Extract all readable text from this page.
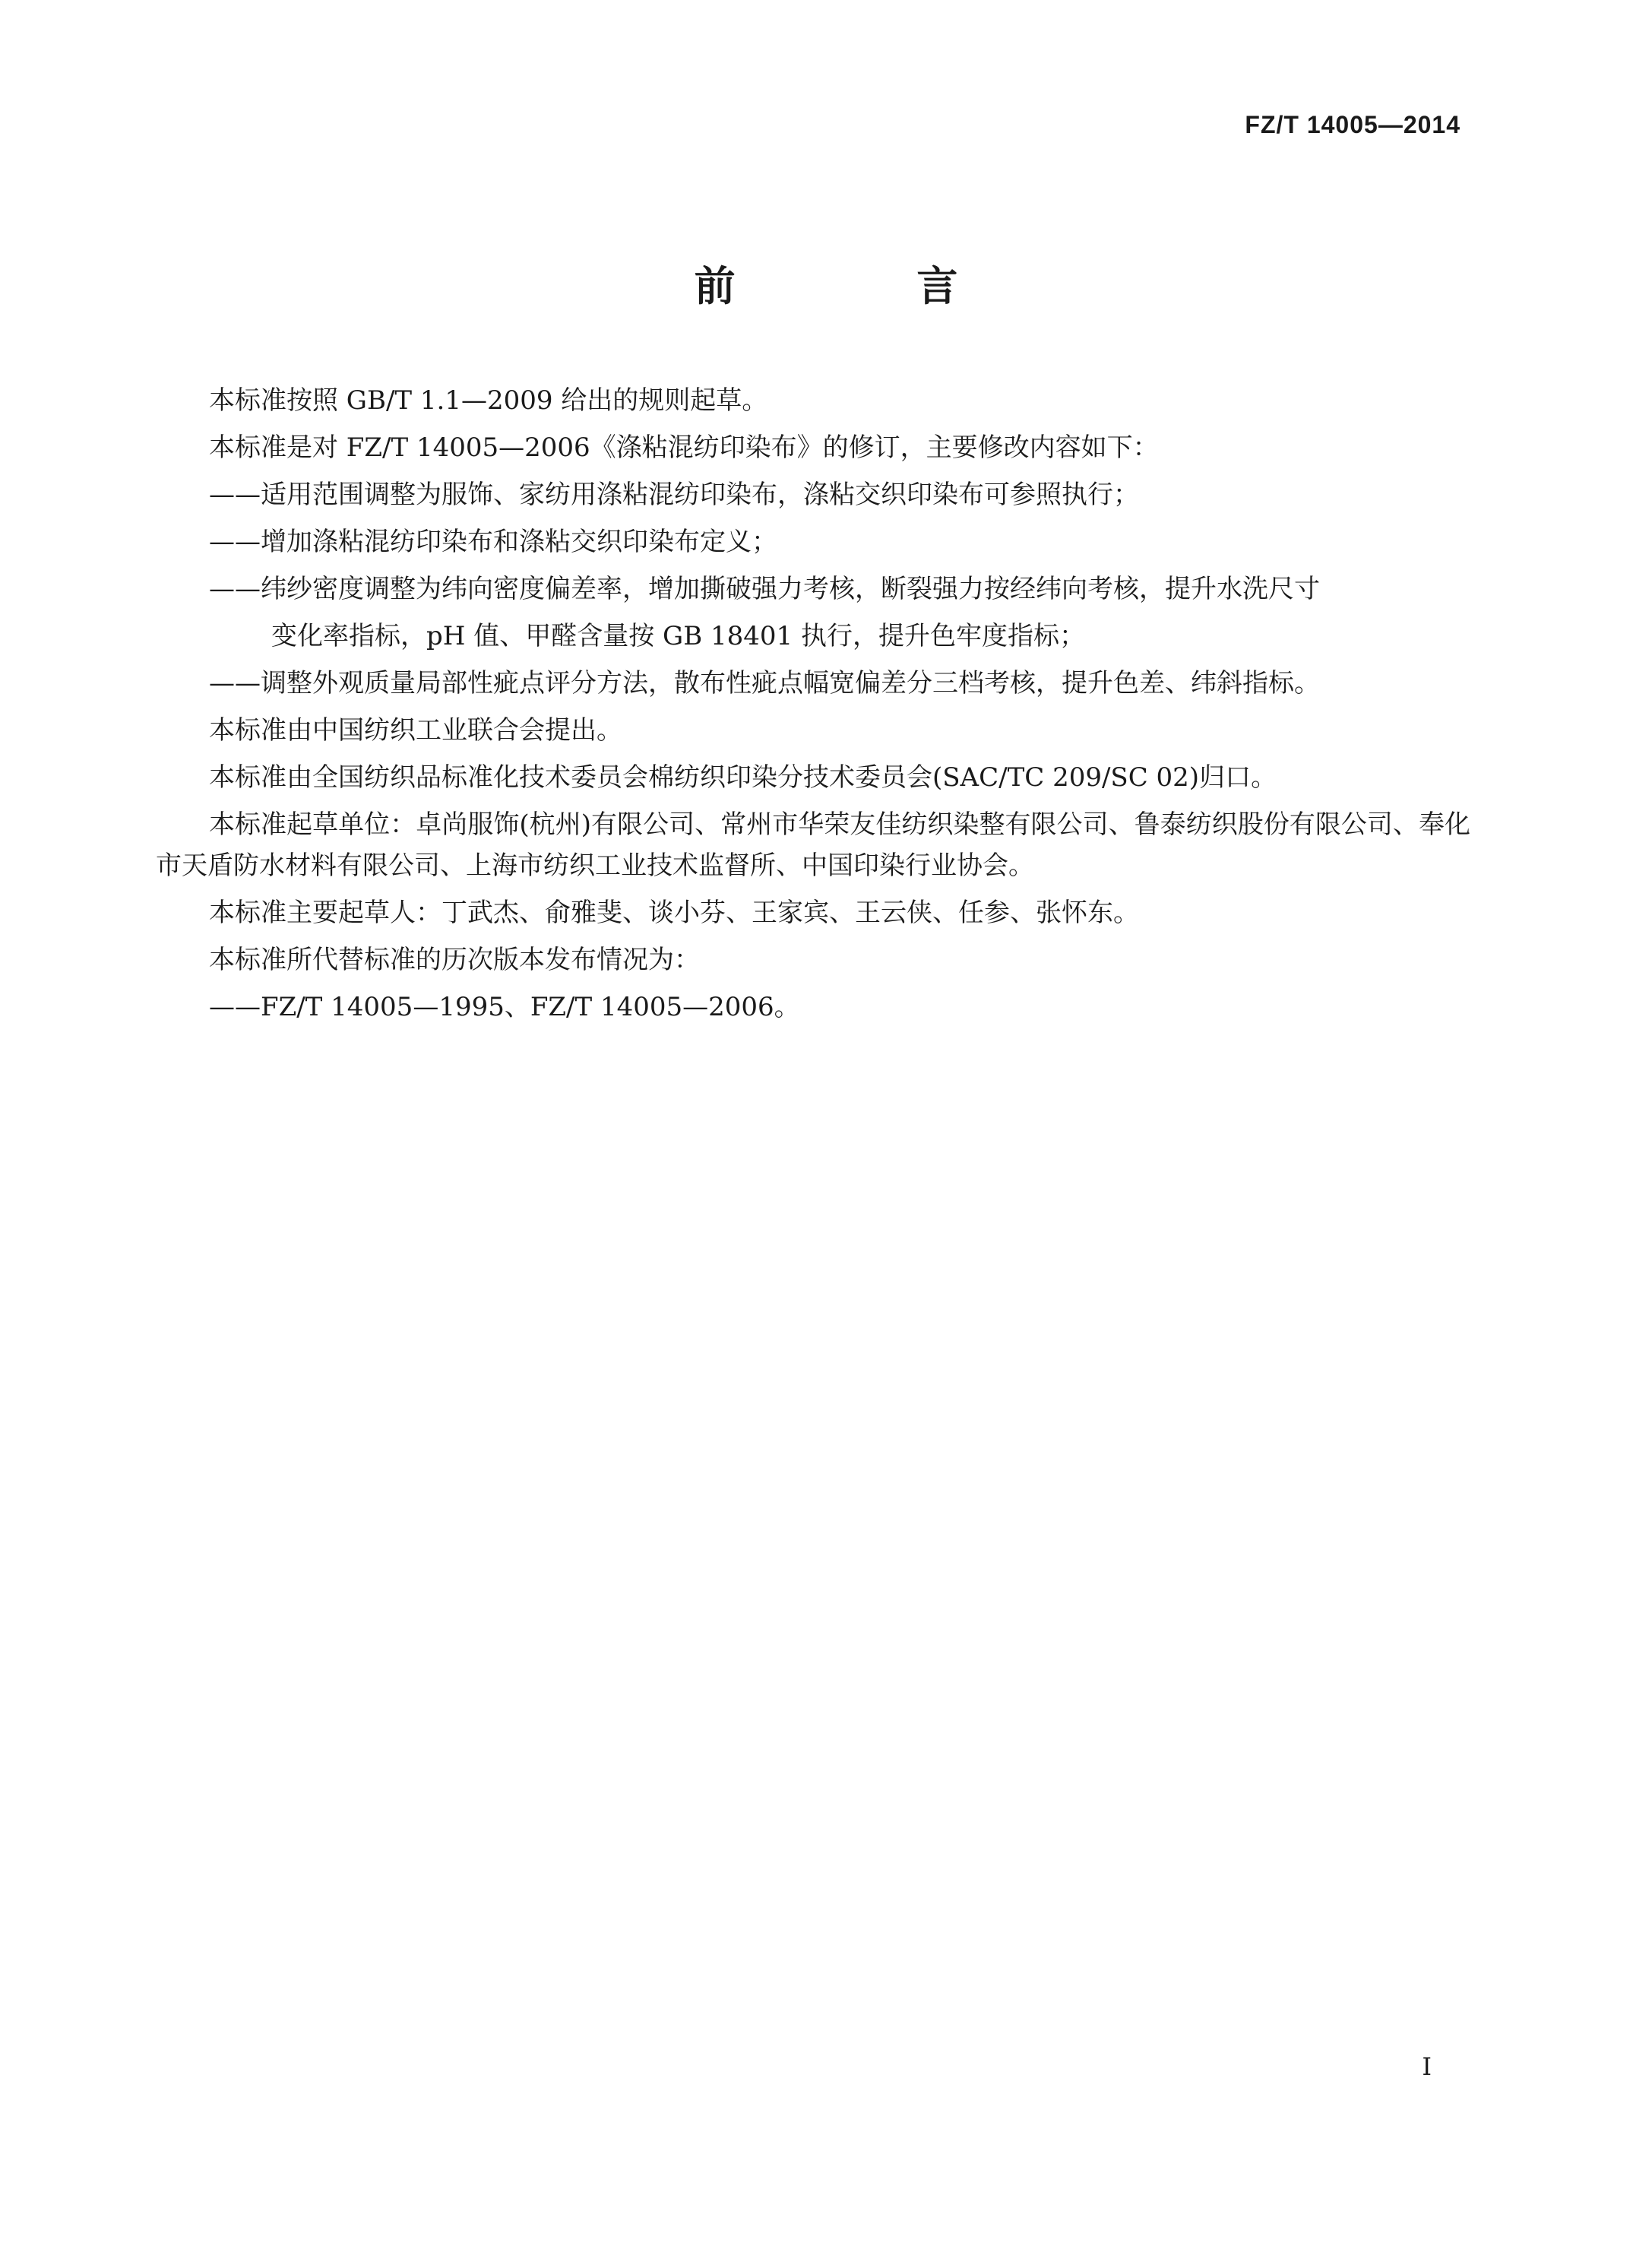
FZ/T 14005—2014
前 言
本标准按照 GB/T 1.1—2009 给出的规则起草。
本标准是对 FZ/T 14005—2006《涤粘混纺印染布》的修订，主要修改内容如下：
——适用范围调整为服饰、家纺用涤粘混纺印染布，涤粘交织印染布可参照执行；
——增加涤粘混纺印染布和涤粘交织印染布定义；
——纬纱密度调整为纬向密度偏差率，增加撕破强力考核，断裂强力按经纬向考核，提升水洗尺寸
变化率指标，pH 值、甲醛含量按 GB 18401 执行，提升色牢度指标；
——调整外观质量局部性疵点评分方法，散布性疵点幅宽偏差分三档考核，提升色差、纬斜指标。
本标准由中国纺织工业联合会提出。
本标准由全国纺织品标准化技术委员会棉纺织印染分技术委员会(SAC/TC 209/SC 02)归口。
本标准起草单位：卓尚服饰(杭州)有限公司、常州市华荣友佳纺织染整有限公司、鲁泰纺织股份有限公司、奉化市天盾防水材料有限公司、上海市纺织工业技术监督所、中国印染行业协会。
本标准主要起草人：丁武杰、俞雅斐、谈小芬、王家宾、王云侠、任参、张怀东。
本标准所代替标准的历次版本发布情况为：
——FZ/T 14005—1995、FZ/T 14005—2006。
I
